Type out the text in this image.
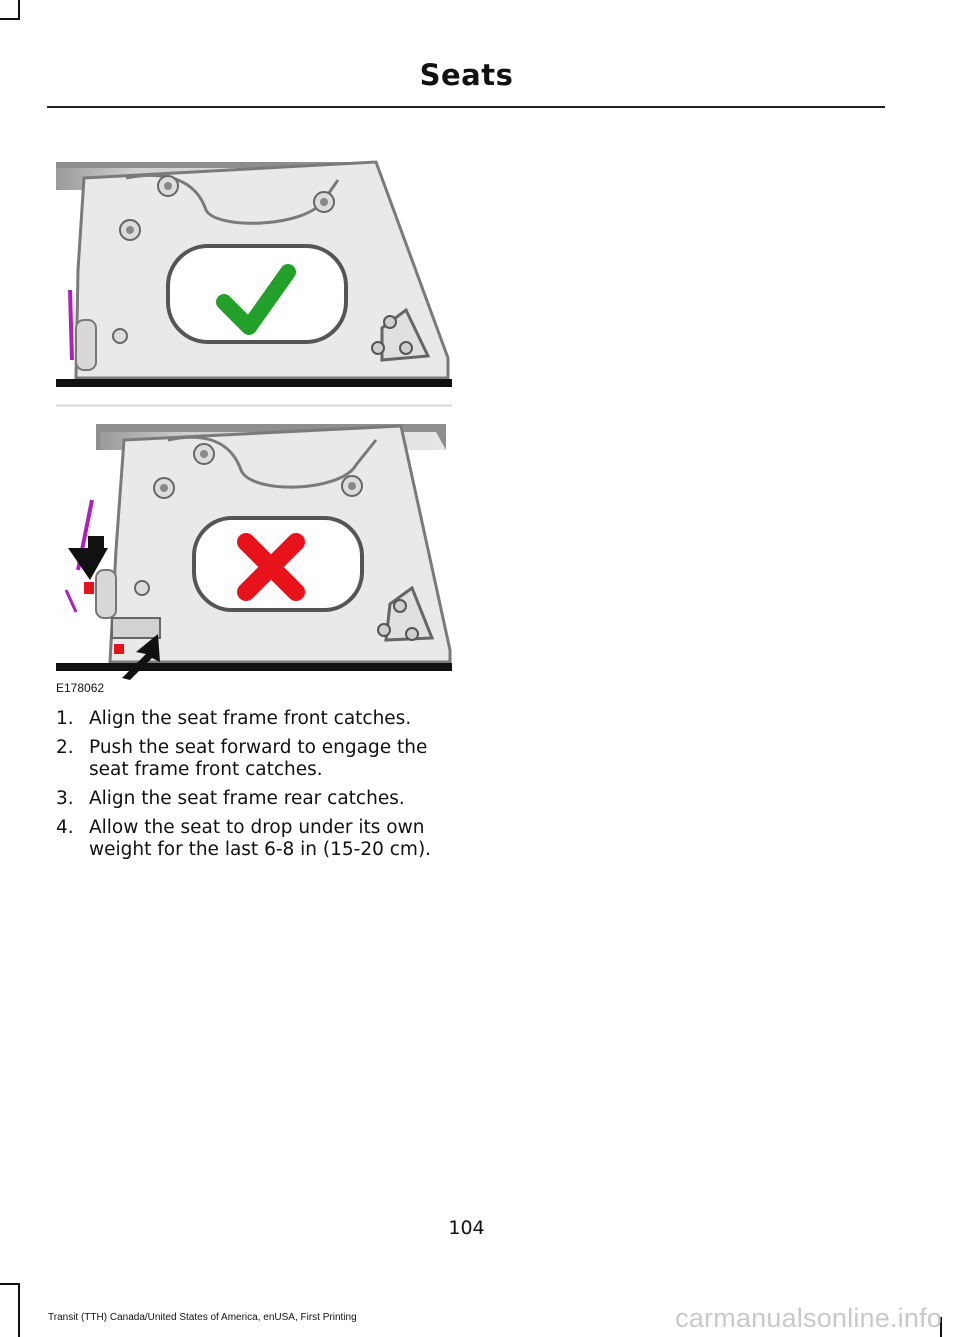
Seats
E178062
1. Align the seat frame front catches.
2. Push the seat forward to engage the seat frame front catches.
3. Align the seat frame rear catches.
4. Allow the seat to drop under its own weight for the last 6-8 in (15-20 cm).
104
Transit (TTH) Canada/United States of America, enUSA, First Printing	carmanualsonline.info
